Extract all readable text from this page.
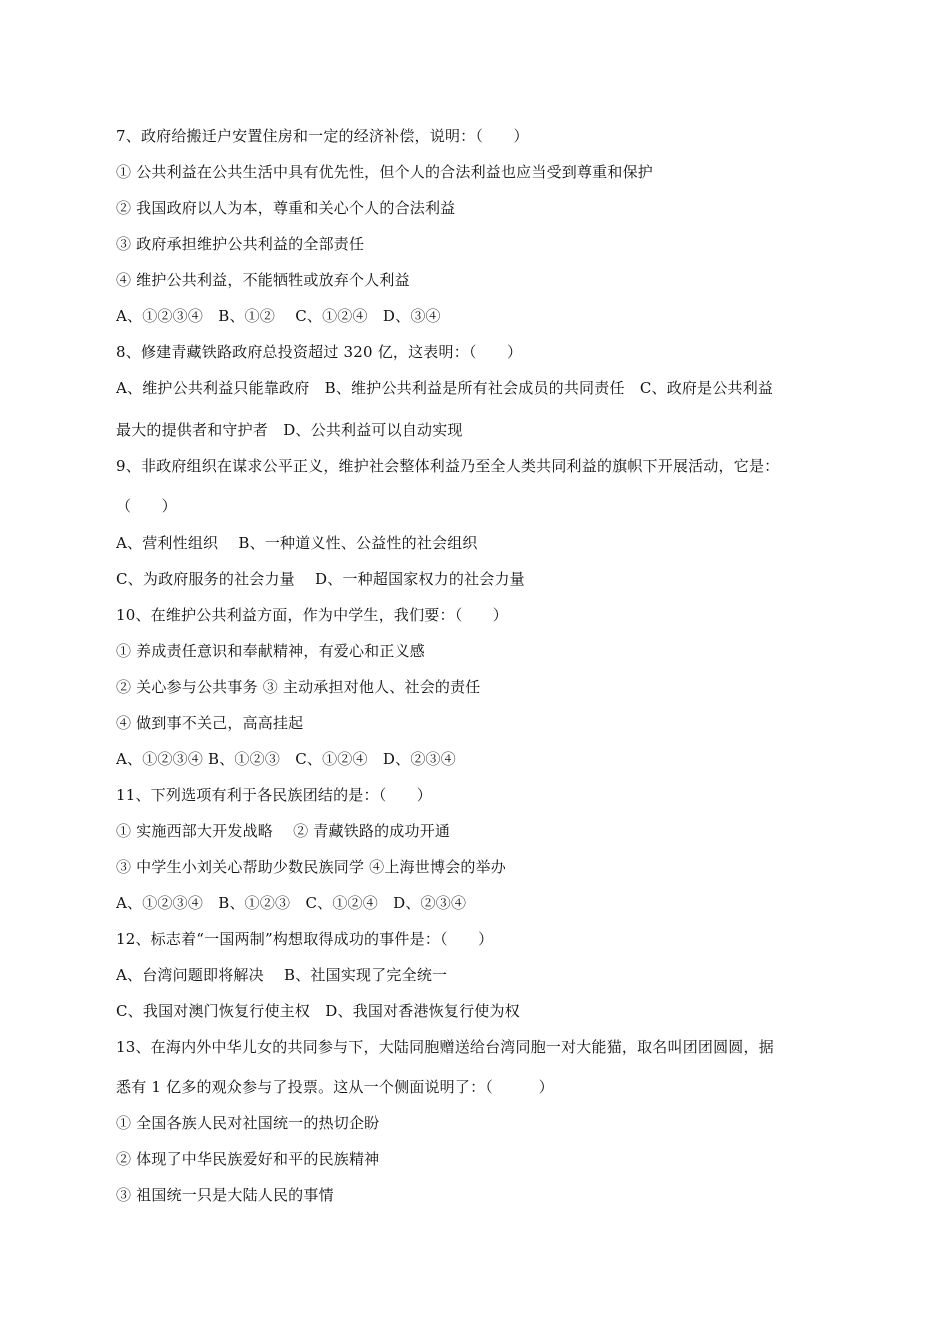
7、政府给搬迁户安置住房和一定的经济补偿，说明：（　　）
① 公共利益在公共生活中具有优先性，但个人的合法利益也应当受到尊重和保护
② 我国政府以人为本，尊重和关心个人的合法利益
③ 政府承担维护公共利益的全部责任
④ 维护公共利益，不能牺牲或放弃个人利益
A、①②③④　B、①②　 C、①②④　D、③④
8、修建青藏铁路政府总投资超过 320 亿，这表明：（　　）
A、维护公共利益只能靠政府　B、维护公共利益是所有社会成员的共同责任　C、政府是公共利益
最大的提供者和守护者　D、公共利益可以自动实现
9、非政府组织在谋求公平正义，维护社会整体利益乃至全人类共同利益的旗帜下开展活动，它是：
（　　）
A、营利性组织　 B、一种道义性、公益性的社会组织
C、为政府服务的社会力量　 D、一种超国家权力的社会力量
10、在维护公共利益方面，作为中学生，我们要：（　　）
① 养成责任意识和奉献精神，有爱心和正义感
② 关心参与公共事务 ③ 主动承担对他人、社会的责任
④ 做到事不关己，高高挂起
A、①②③④ B、①②③　C、①②④　D、②③④
11、下列选项有利于各民族团结的是：（　　）
① 实施西部大开发战略　 ② 青藏铁路的成功开通
③ 中学生小刘关心帮助少数民族同学 ④上海世博会的举办
A、①②③④　B、①②③　C、①②④　D、②③④
12、标志着“一国两制”构想取得成功的事件是：（　　）
A、台湾问题即将解决　 B、社国实现了完全统一
C、我国对澳门恢复行使主权　D、我国对香港恢复行使为权
13、在海内外中华儿女的共同参与下，大陆同胞赠送给台湾同胞一对大能猫，取名叫团团圆圆，据
悉有 1 亿多的观众参与了投票。这从一个侧面说明了：（　　　）
① 全国各族人民对社国统一的热切企盼
② 体现了中华民族爱好和平的民族精神
③ 祖国统一只是大陆人民的事情
